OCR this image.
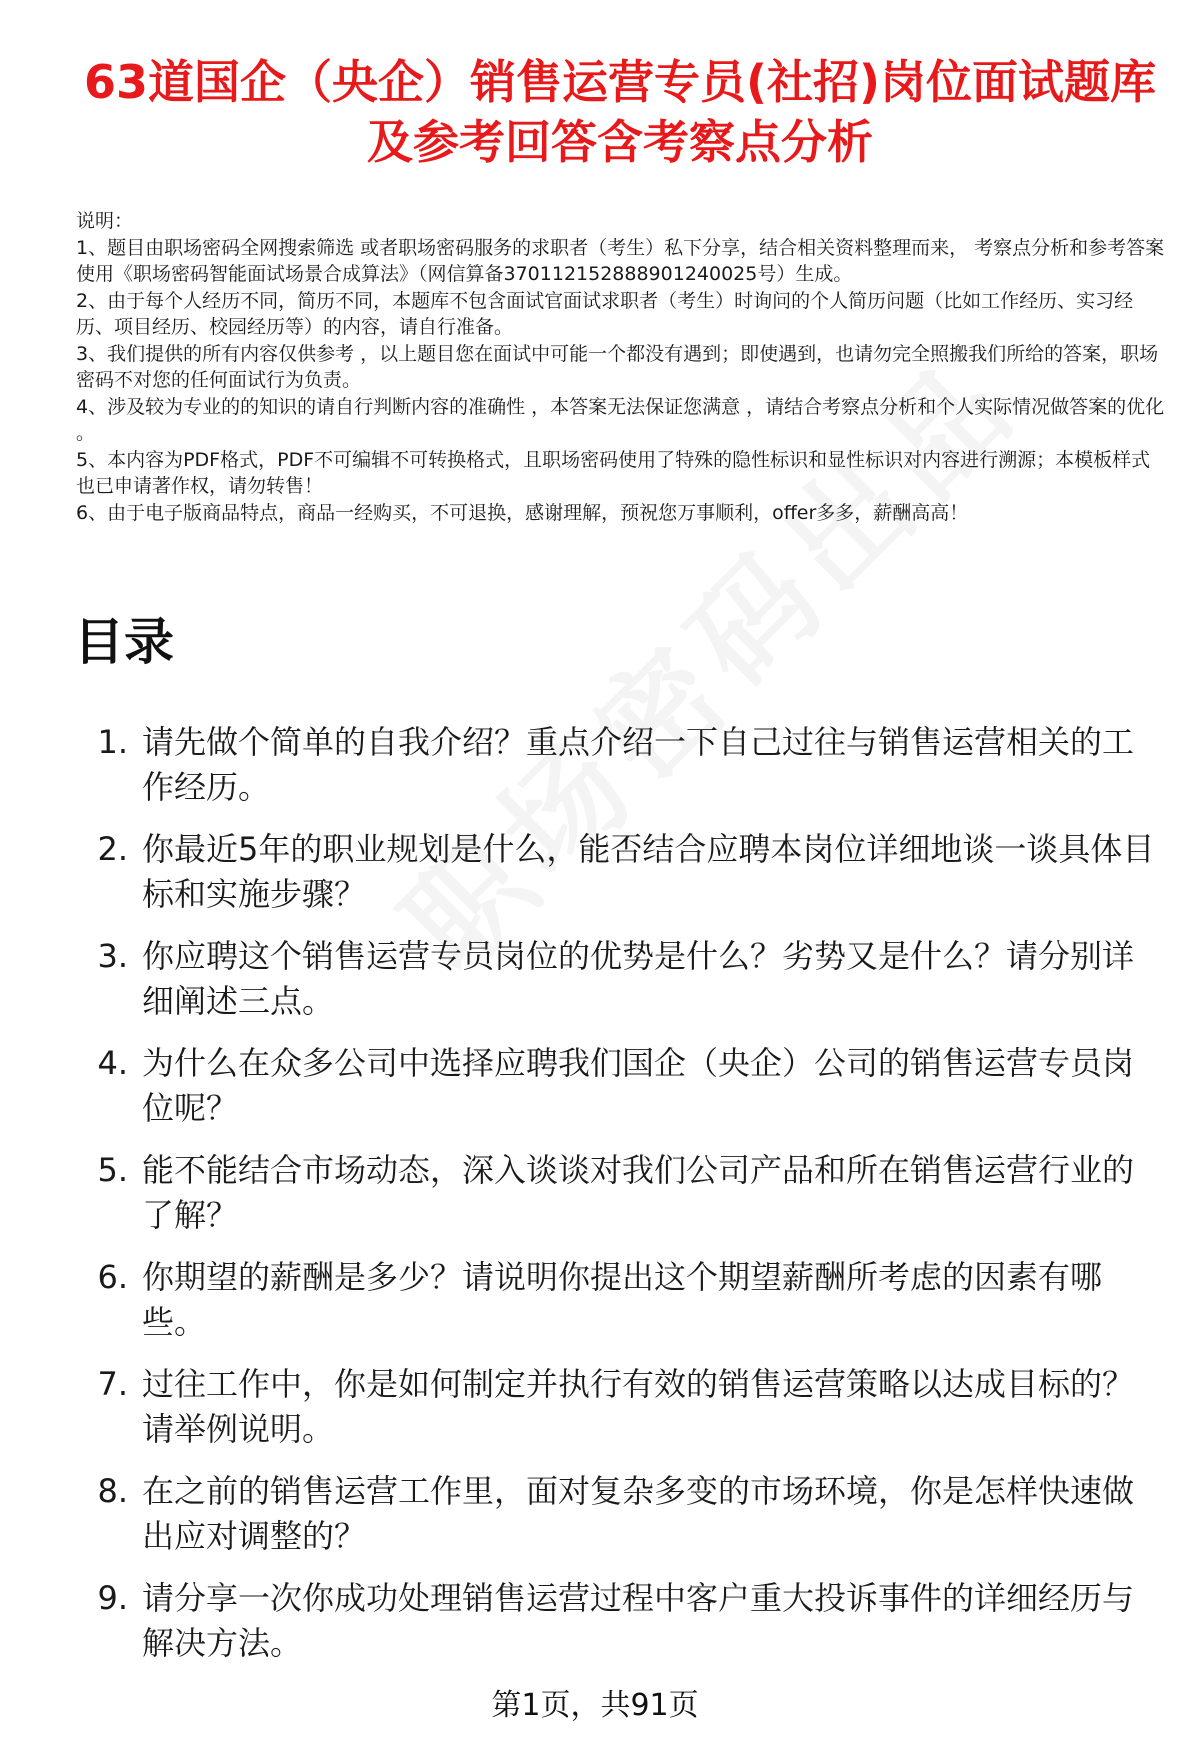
63道国企（央企）销售运营专员(社招)岗位面试题库及参考回答含考察点分析

说明：

1、题目由职场密码全网搜索筛选 或者职场密码服务的求职者（考生）私下分享，结合相关资料整理而来， 考察点分析和参考答案使用《职场密码智能面试场景合成算法》（网信算备370112152888901240025号）生成。

2、由于每个人经历不同，简历不同，本题库不包含面试官面试求职者（考生）时询问的个人简历问题（比如工作经历、实习经历、项目经历、校园经历等）的内容，请自行准备。

3、我们提供的所有内容仅供参考 ，以上题目您在面试中可能一个都没有遇到；即使遇到，也请勿完全照搬我们所给的答案，职场密码不对您的任何面试行为负责。

4、涉及较为专业的的知识的请自行判断内容的准确性 ，本答案无法保证您满意 ，请结合考察点分析和个人实际情况做答案的优化 。

5、本内容为PDF格式，PDF不可编辑不可转换格式，且职场密码使用了特殊的隐性标识和显性标识对内容进行溯源；本模板样式也已申请著作权，请勿转售！

6、由于电子版商品特点，商品一经购买，不可退换，感谢理解，预祝您万事顺利，offer多多，薪酬高高！

目录
1. 请先做个简单的自我介绍？重点介绍一下自己过往与销售运营相关的工作经历。
2. 你最近5年的职业规划是什么，能否结合应聘本岗位详细地谈一谈具体目标和实施步骤？
3. 你应聘这个销售运营专员岗位的优势是什么？劣势又是什么？请分别详细阐述三点。
4. 为什么在众多公司中选择应聘我们国企（央企）公司的销售运营专员岗位呢？
5. 能不能结合市场动态，深入谈谈对我们公司产品和所在销售运营行业的了解？
6. 你期望的薪酬是多少？请说明你提出这个期望薪酬所考虑的因素有哪些。
7. 过往工作中，你是如何制定并执行有效的销售运营策略以达成目标的？请举例说明。
8. 在之前的销售运营工作里，面对复杂多变的市场环境，你是怎样快速做出应对调整的？
9. 请分享一次你成功处理销售运营过程中客户重大投诉事件的详细经历与解决方法。
第1页，共91页
